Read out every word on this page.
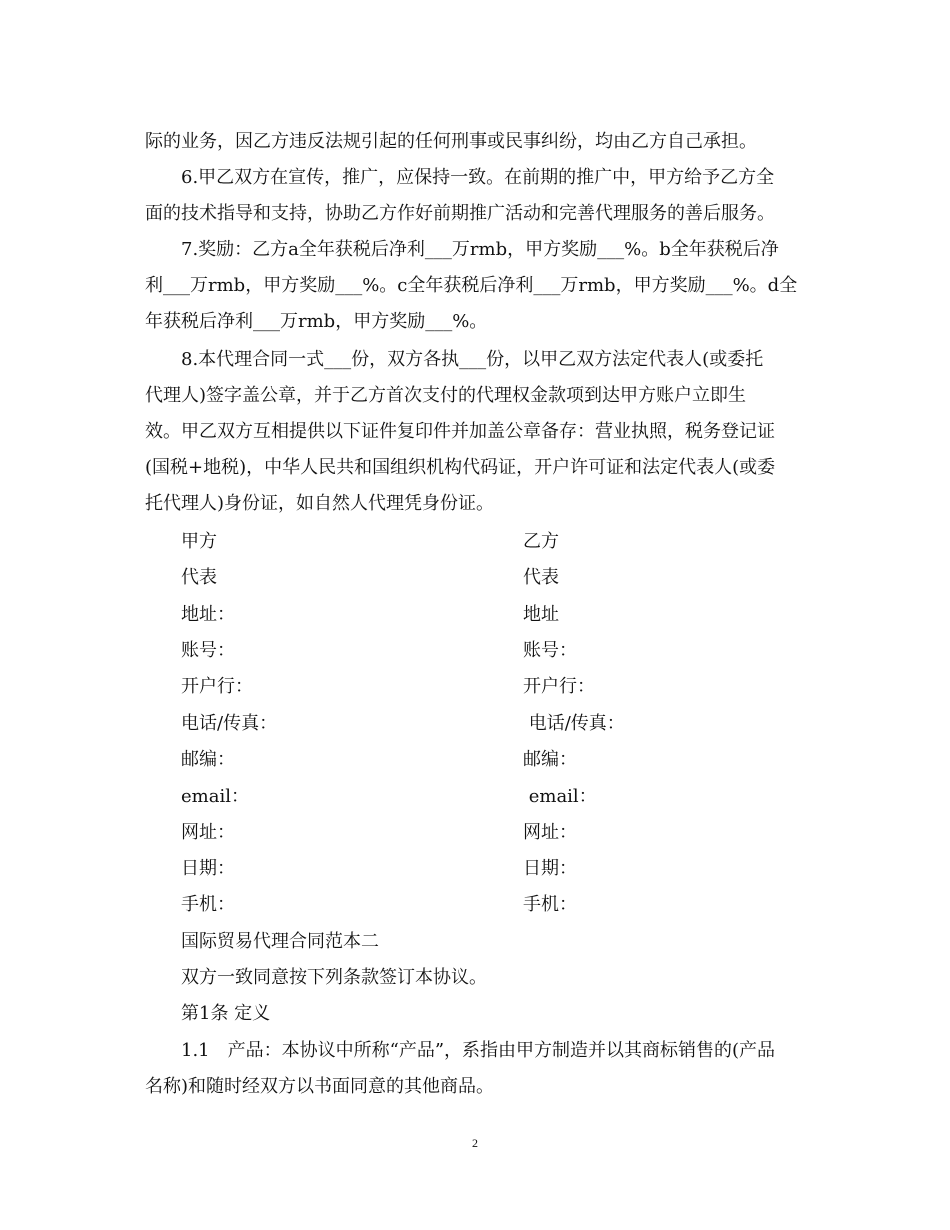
际的业务，因乙方违反法规引起的任何刑事或民事纠纷，均由乙方自己承担。
6.甲乙双方在宣传，推广，应保持一致。在前期的推广中，甲方给予乙方全
面的技术指导和支持，协助乙方作好前期推广活动和完善代理服务的善后服务。
7.奖励：乙方a全年获税后净利___万rmb，甲方奖励___%。b全年获税后净
利___万rmb，甲方奖励___%。c全年获税后净利___万rmb，甲方奖励___%。d全
年获税后净利___万rmb，甲方奖励___%。
8.本代理合同一式___份，双方各执___份，以甲乙双方法定代表人(或委托
代理人)签字盖公章，并于乙方首次支付的代理权金款项到达甲方账户立即生
效。甲乙双方互相提供以下证件复印件并加盖公章备存：营业执照，税务登记证
(国税+地税)，中华人民共和国组织机构代码证，开户许可证和法定代表人(或委
托代理人)身份证，如自然人代理凭身份证。
甲方	乙方
代表	代表
地址：	地址
账号：	账号：
开户行：	开户行：
电话/传真：	电话/传真：
邮编：	邮编：
email：	email：
网址：	网址：
日期：	日期：
手机：	手机：
国际贸易代理合同范本二
双方一致同意按下列条款签订本协议。
第1条 定义
1.1　产品：本协议中所称“产品”，系指由甲方制造并以其商标销售的(产品
名称)和随时经双方以书面同意的其他商品。
2
